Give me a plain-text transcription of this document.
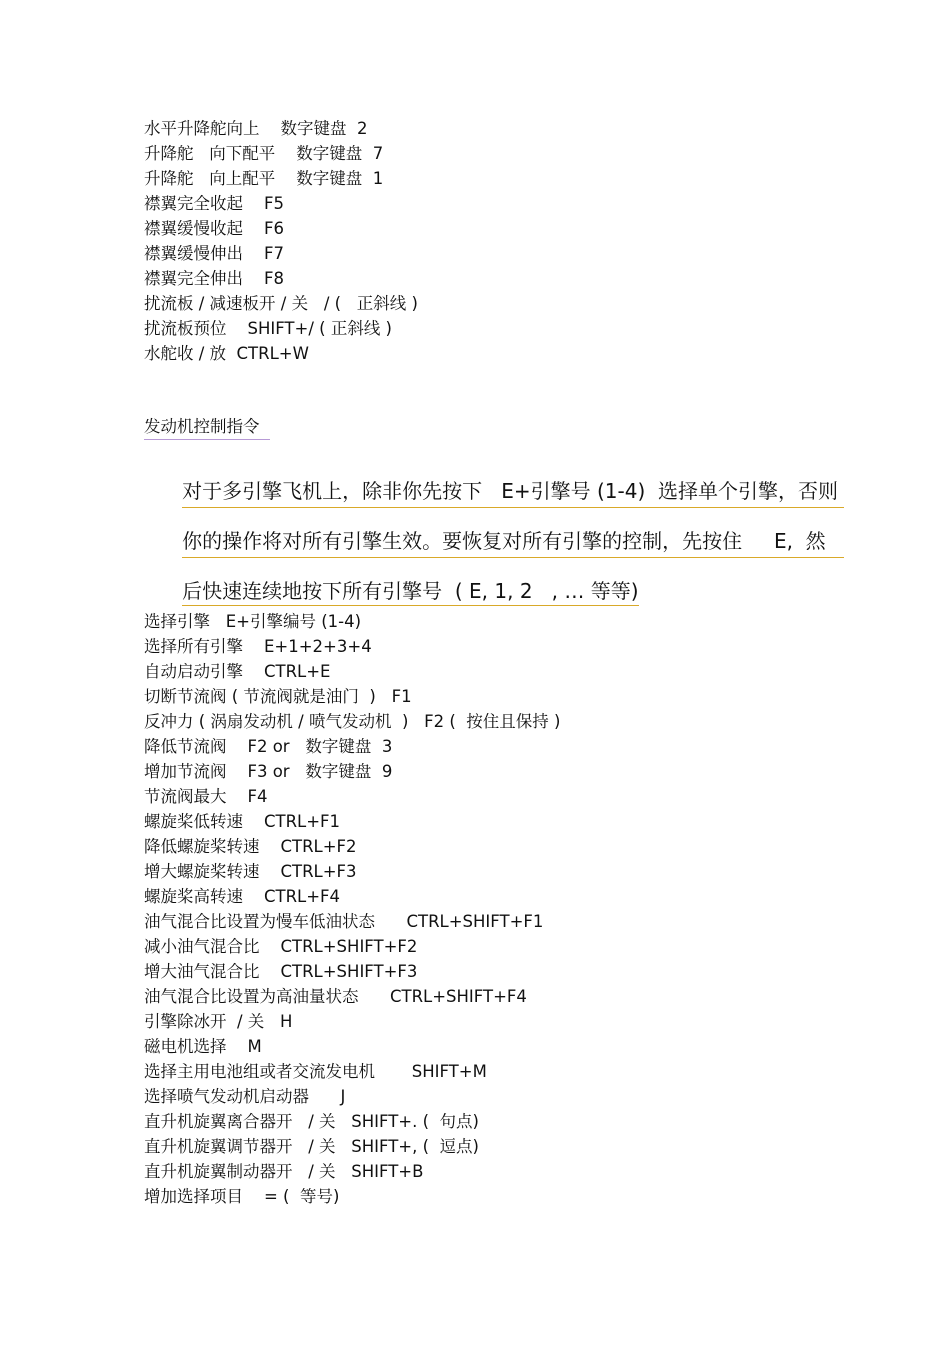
水平升降舵向上    数字键盘  2
升降舵   向下配平    数字键盘  7
升降舵   向上配平    数字键盘  1
襟翼完全收起    F5
襟翼缓慢收起    F6
襟翼缓慢伸出    F7
襟翼完全伸出    F8
扰流板 / 减速板开 / 关   / (   正斜线 )
扰流板预位    SHIFT+/ ( 正斜线 )
水舵收 / 放  CTRL+W
发动机控制指令

对于多引擎飞机上，除非你先按下   E+引擎号 (1-4)  选择单个引擎，否则

你的操作将对所有引擎生效。要恢复对所有引擎的控制，先按住     E,  然

后快速连续地按下所有引擎号  ( E, 1, 2   , … 等等)

选择引擎   E+引擎编号 (1-4)
选择所有引擎    E+1+2+3+4
自动启动引擎    CTRL+E
切断节流阀 ( 节流阀就是油门  )   F1
反冲力 ( 涡扇发动机 / 喷气发动机  )   F2 (  按住且保持 )
降低节流阀    F2 or   数字键盘  3
增加节流阀    F3 or   数字键盘  9
节流阀最大    F4
螺旋桨低转速    CTRL+F1
降低螺旋桨转速    CTRL+F2
增大螺旋桨转速    CTRL+F3
螺旋桨高转速    CTRL+F4
油气混合比设置为慢车低油状态      CTRL+SHIFT+F1
减小油气混合比    CTRL+SHIFT+F2
增大油气混合比    CTRL+SHIFT+F3
油气混合比设置为高油量状态      CTRL+SHIFT+F4
引擎除冰开  / 关   H
磁电机选择    M
选择主用电池组或者交流发电机       SHIFT+M
选择喷气发动机启动器      J
直升机旋翼离合器开   / 关   SHIFT+. (  句点)
直升机旋翼调节器开   / 关   SHIFT+, (  逗点)
直升机旋翼制动器开   / 关   SHIFT+B
增加选择项目    = (  等号)
